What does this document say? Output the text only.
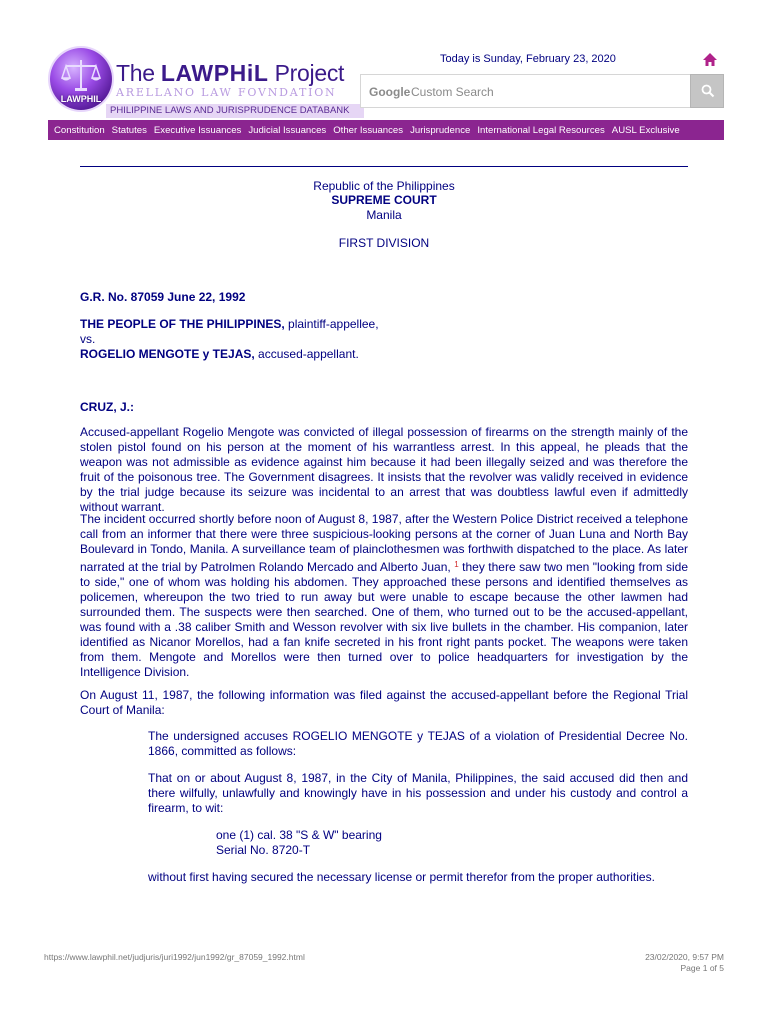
LAWPHIL
The LAWPHiL Project
ARELLANO LAW FOVNDATION
PHILIPPINE LAWS AND JURISPRUDENCE DATABANK
Today is Sunday, February 23, 2020
Google
Custom Search
Constitution Statutes Executive Issuances Judicial Issuances Other Issuances Jurisprudence International Legal Resources AUSL Exclusive
Republic of the Philippines
SUPREME COURT
Manila
FIRST DIVISION
G.R. No. 87059 June 22, 1992
THE PEOPLE OF THE PHILIPPINES, plaintiff-appellee,
vs.
ROGELIO MENGOTE y TEJAS, accused-appellant.
CRUZ, J.:
Accused-appellant Rogelio Mengote was convicted of illegal possession of firearms on the strength mainly of the stolen pistol found on his person at the moment of his warrantless arrest. In this appeal, he pleads that the weapon was not admissible as evidence against him because it had been illegally seized and was therefore the fruit of the poisonous tree. The Government disagrees. It insists that the revolver was validly received in evidence by the trial judge because its seizure was incidental to an arrest that was doubtless lawful even if admittedly without warrant.
The incident occurred shortly before noon of August 8, 1987, after the Western Police District received a telephone call from an informer that there were three suspicious-looking persons at the corner of Juan Luna and North Bay Boulevard in Tondo, Manila. A surveillance team of plainclothesmen was forthwith dispatched to the place. As later narrated at the trial by Patrolmen Rolando Mercado and Alberto Juan, $^1$ they there saw two men "looking from side to side," one of whom was holding his abdomen. They approached these persons and identified themselves as policemen, whereupon the two tried to run away but were unable to escape because the other lawmen had surrounded them. The suspects were then searched. One of them, who turned out to be the accused-appellant, was found with a .38 caliber Smith and Wesson revolver with six live bullets in the chamber. His companion, later identified as Nicanor Morellos, had a fan knife secreted in his front right pants pocket. The weapons were taken from them. Mengote and Morellos were then turned over to police headquarters for investigation by the Intelligence Division.
On August 11, 1987, the following information was filed against the accused-appellant before the Regional Trial Court of Manila:
The undersigned accuses ROGELIO MENGOTE y TEJAS of a violation of Presidential Decree No. 1866, committed as follows:
That on or about August 8, 1987, in the City of Manila, Philippines, the said accused did then and there wilfully, unlawfully and knowingly have in his possession and under his custody and control a firearm, to wit:
one (1) cal. 38 "S & W" bearing
Serial No. 8720-T
without first having secured the necessary license or permit therefor from the proper authorities.
https://www.lawphil.net/judjuris/juri1992/jun1992/gr_87059_1992.html	23/02/2020, 9:57 PM
Page 1 of 5
